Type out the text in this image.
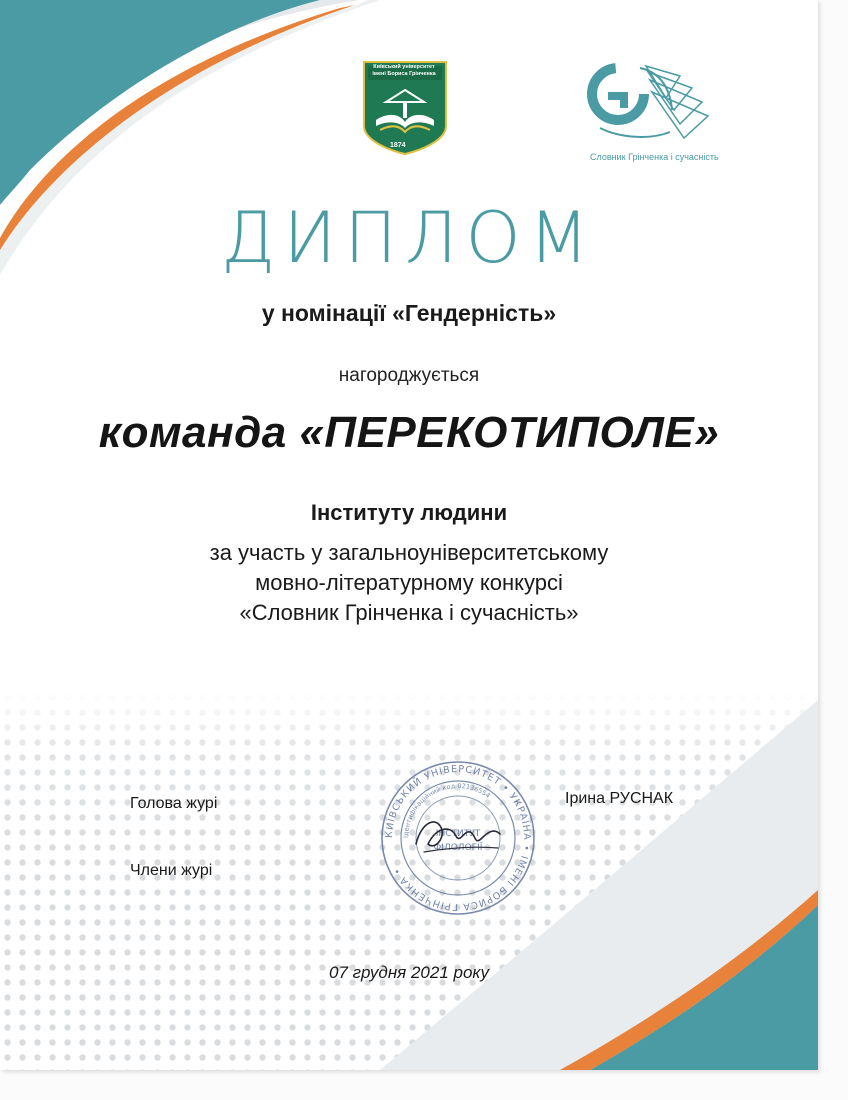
Київський університет
імені Бориса Грінченка
1874
Словник Грінченка і сучасність
ДИПЛОМ

у номінації «Гендерність»

нагороджується

команда «ПЕРЕКОТИПОЛЕ»

Інституту людини

за участь у загальноуніверситетському
мовно-літературному конкурсі
«Словник Грінченка і сучасність»

Голова журі	Ірина РУСНАК
Члени журі
КИЇВСЬКИЙ УНІВЕРСИТЕТ • УКРАЇНА • ІМЕНІ БОРИСА ГРІНЧЕНКА •
Ідентифікаційний код 02136554
ІНСТИТУТ
ФІЛОЛОГІЇ
07 грудня 2021 року
